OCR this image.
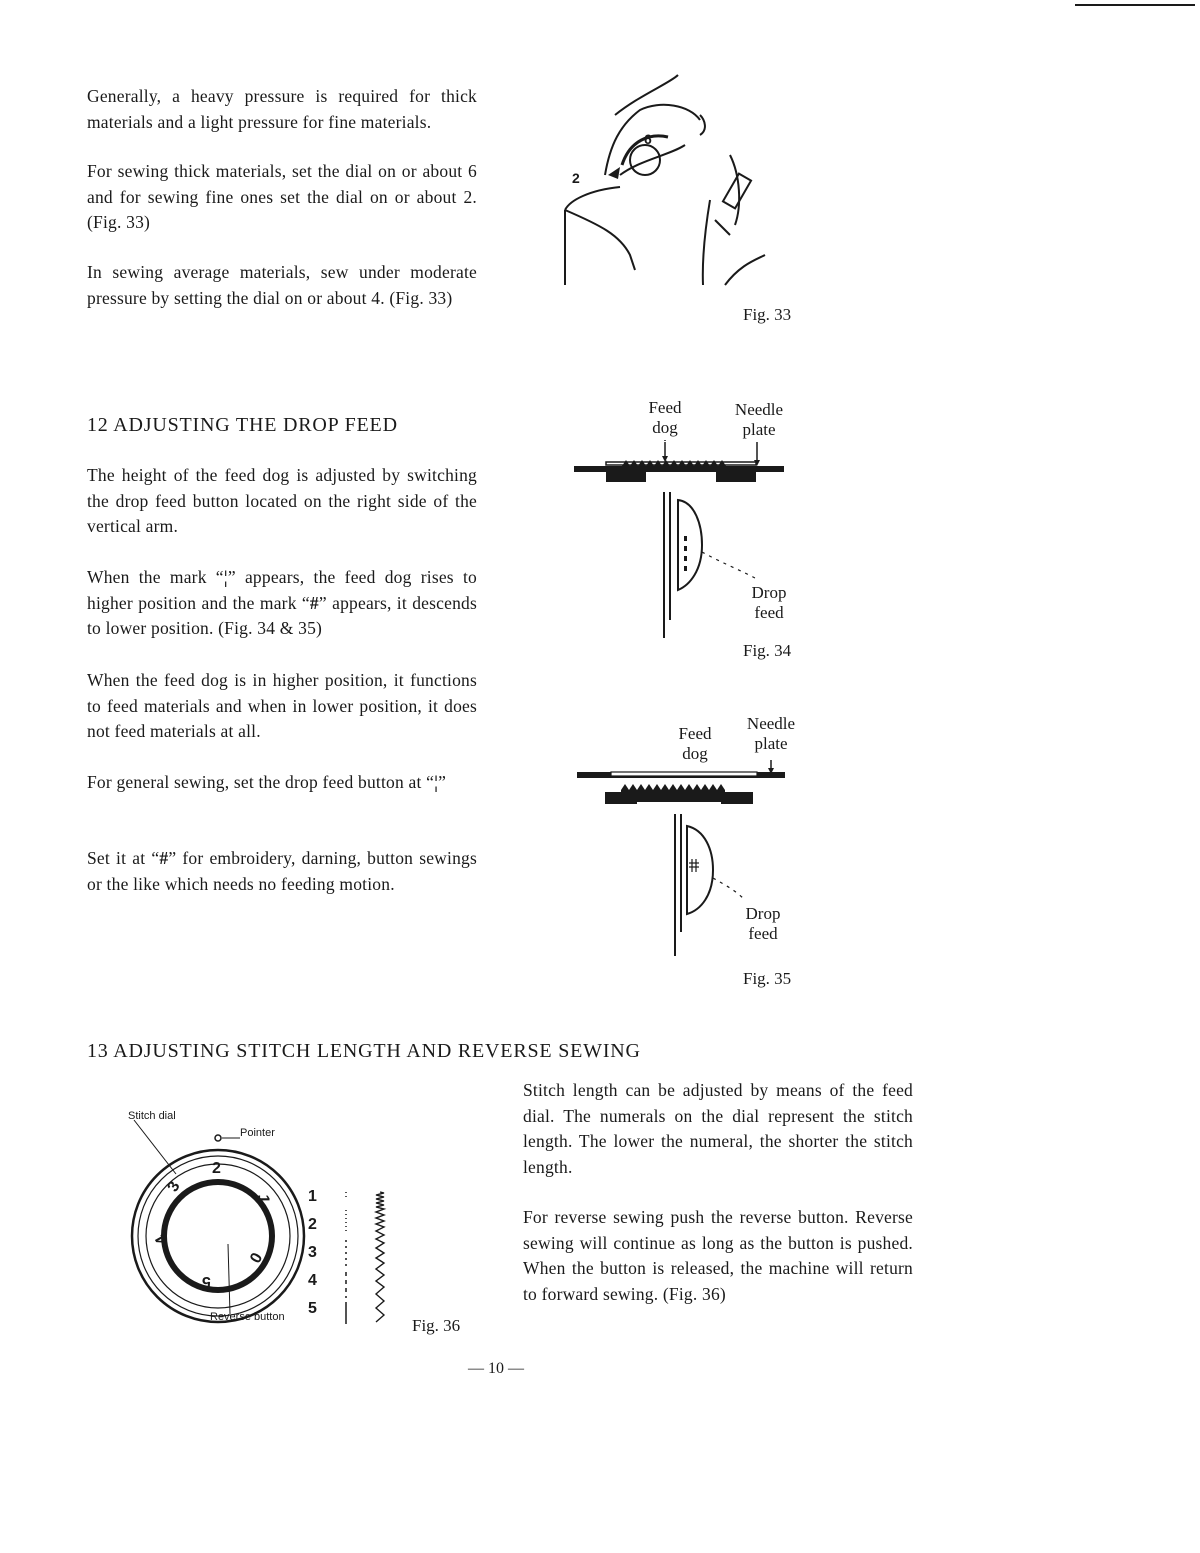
Generally, a heavy pressure is required for thick materials and a light pressure for fine materials.
For sewing thick materials, set the dial on or about 6 and for sewing fine ones set the dial on or about 2. (Fig. 33)
In sewing average materials, sew under moderate pressure by setting the dial on or about 4. (Fig. 33)
2
6
Fig. 33
12 ADJUSTING THE DROP FEED
The height of the feed dog is adjusted by switching the drop feed button located on the right side of the vertical arm.
When the mark “¦” appears, the feed dog rises to higher position and the mark “#” appears, it descends to lower position. (Fig. 34 & 35)
When the feed dog is in higher position, it functions to feed materials and when in lower position, it does not feed materials at all.
For general sewing, set the drop feed button at “¦”
Set it at “#” for embroidery, darning, button sewings or the like which needs no feeding motion.
Feed
dog
Needle
plate
Drop
feed
Fig. 34
Feed
dog
Needle
plate
Drop
feed
Fig. 35
13 ADJUSTING STITCH LENGTH AND REVERSE SEWING
Stitch length can be adjusted by means of the feed dial. The numerals on the dial represent the stitch length. The lower the numeral, the shorter the stitch length.
For reverse sewing push the reverse button. Reverse sewing will continue as long as the button is pushed. When the button is released, the machine will return to forward sewing. (Fig. 36)
Stitch dial
Pointer
2
1
0
5
4
3
Reverse button
1
2
3
4
5
Fig. 36
— 10 —
